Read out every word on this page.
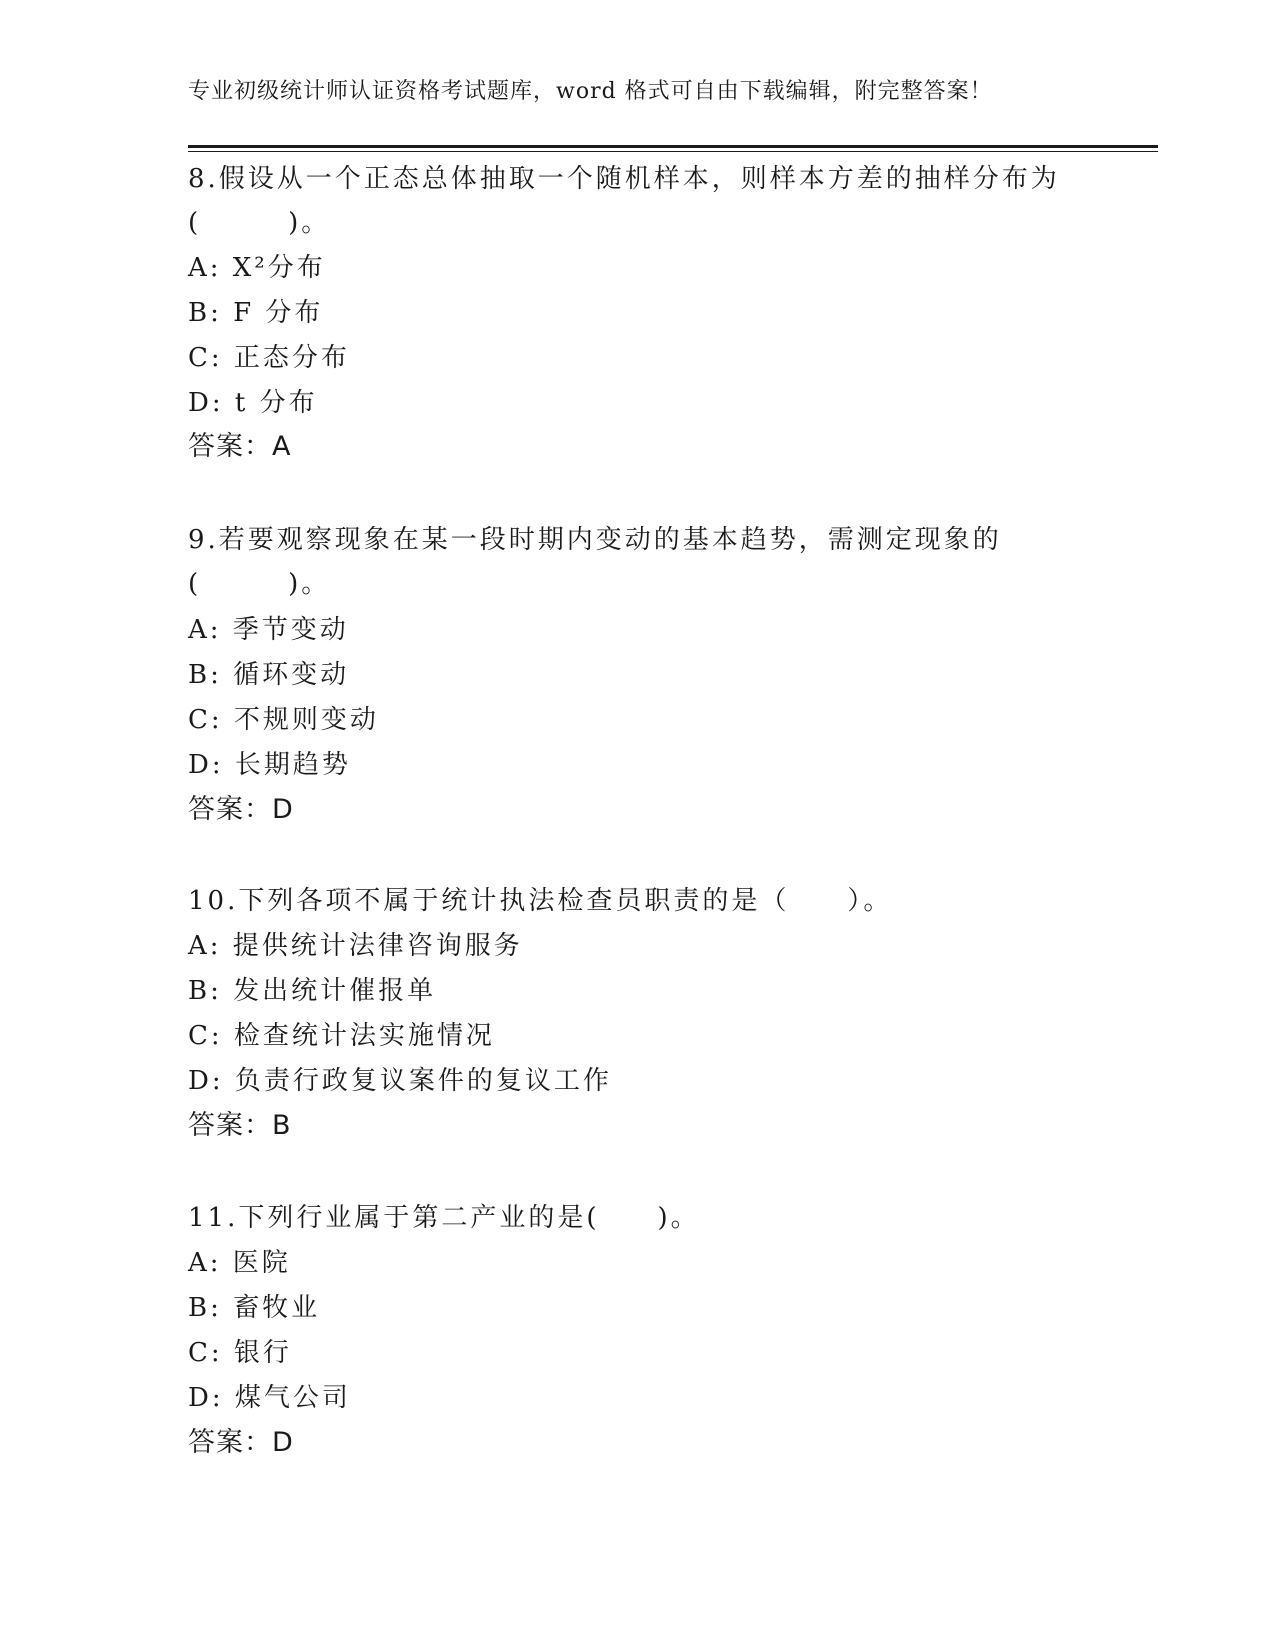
专业初级统计师认证资格考试题库，word 格式可自由下载编辑，附完整答案！
8.假设从一个正态总体抽取一个随机样本，则样本方差的抽样分布为
(　　　)。
A: X²分布
B: F 分布
C: 正态分布
D: t 分布
答案：A
9.若要观察现象在某一段时期内变动的基本趋势，需测定现象的
(　　　)。
A: 季节变动
B: 循环变动
C: 不规则变动
D: 长期趋势
答案：D
10.下列各项不属于统计执法检查员职责的是（　　）。
A: 提供统计法律咨询服务
B: 发出统计催报单
C: 检查统计法实施情况
D: 负责行政复议案件的复议工作
答案：B
11.下列行业属于第二产业的是(　　)。
A: 医院
B: 畜牧业
C: 银行
D: 煤气公司
答案：D
